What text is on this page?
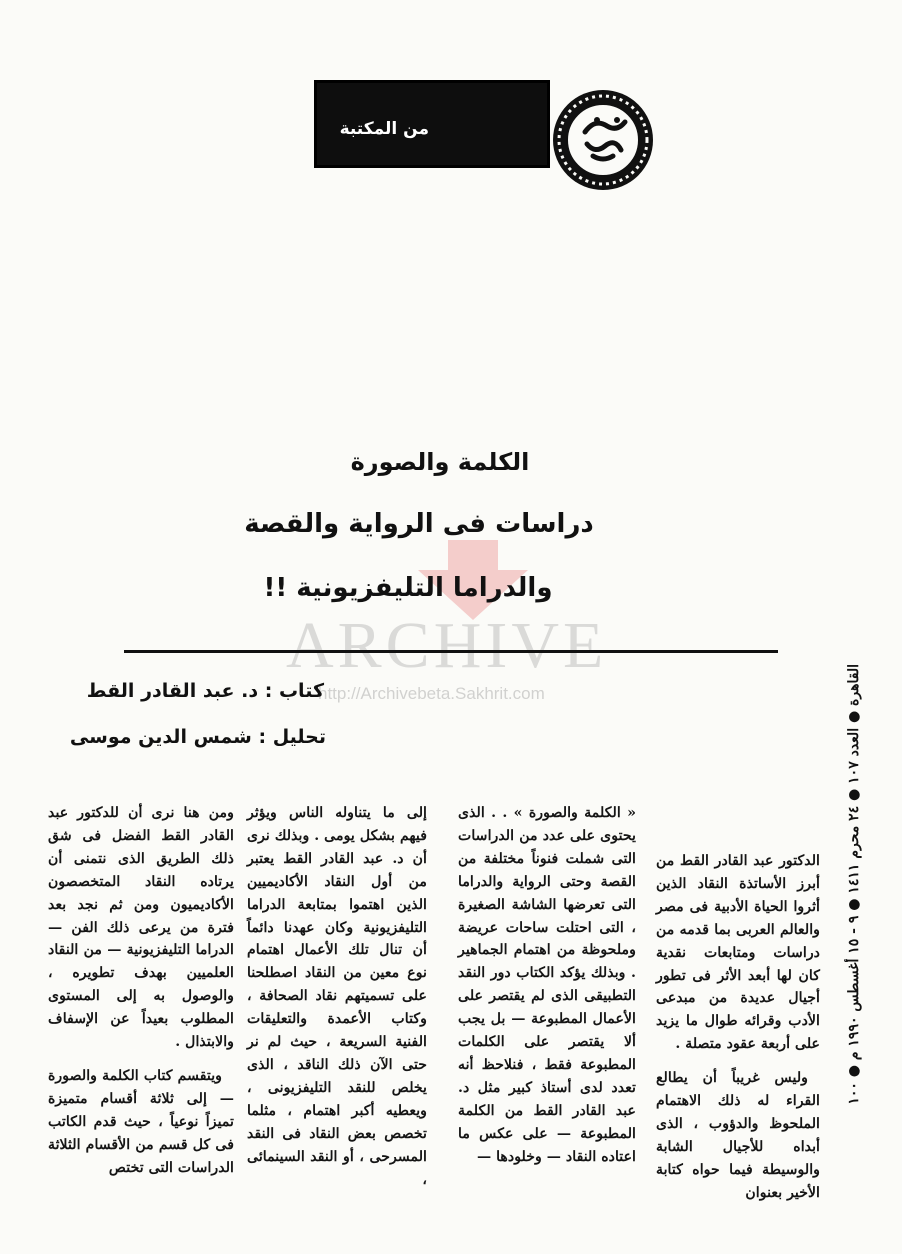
من المكتبة
ARCHIVE
http://Archivebeta.Sakhrit.com
الكلمة والصورة
دراسات فى الرواية والقصة
والدراما التليفزيونية !!
كتاب : د. عبد القادر القط
تحليل : شمس الدين موسى
القاهرة ● العدد ١٠٧ ● ٢٤ محرم ١٤١١ ● ٩ - ١٥ أغسطس ١٩٩٠ م ● ١٠٠

الدكتور عبد القادر القط من أبرز الأساتذة النقاد الذين أثروا الحياة الأدبية فى مصر والعالم العربى بما قدمه من دراسات ومتابعات نقدية كان لها أبعد الأثر فى تطور أجيال عديدة من مبدعى الأدب وقرائه طوال ما يزيد على أربعة عقود متصلة .

وليس غريباً أن يطالع القراء له ذلك الاهتمام الملحوظ والدؤوب ، الذى أبداه للأجيال الشابة والوسيطة فيما حواه كتابة الأخير بعنوان

« الكلمة والصورة » . . الذى يحتوى على عدد من الدراسات التى شملت فنوناً مختلفة من القصة وحتى الرواية والدراما التى تعرضها الشاشة الصغيرة ، التى احتلت ساحات عريضة وملحوظة من اهتمام الجماهير . وبذلك يؤكد الكتاب دور النقد التطبيقى الذى لم يقتصر على الأعمال المطبوعة — بل يجب ألا يقتصر على الكلمات المطبوعة فقط ، فنلاحظ أنه تعدد لدى أستاذ كبير مثل د. عبد القادر القط من الكلمة المطبوعة — على عكس ما اعتاده النقاد — وخلودها —

إلى ما يتناوله الناس ويؤثر فيهم بشكل يومى . وبذلك نرى أن د. عبد القادر القط يعتبر من أول النقاد الأكاديميين الذين اهتموا بمتابعة الدراما التليفزيونية وكان عهدنا دائماً أن تنال تلك الأعمال اهتمام نوع معين من النقاد اصطلحنا على تسميتهم نقاد الصحافة ، وكتاب الأعمدة والتعليقات الفنية السريعة ، حيث لم نر حتى الآن ذلك الناقد ، الذى يخلص للنقد التليفزيونى ، ويعطيه أكبر اهتمام ، مثلما تخصص بعض النقاد فى النقد المسرحى ، أو النقد السينمائى ،

ومن هنا نرى أن للدكتور عبد القادر القط الفضل فى شق ذلك الطريق الذى نتمنى أن يرتاده النقاد المتخصصون الأكاديميون ومن ثم نجد بعد فترة من يرعى ذلك الفن — الدراما التليفزيونية — من النقاد العلميين بهدف تطويره ، والوصول به إلى المستوى المطلوب بعيداً عن الإسفاف والابتذال .

ويتقسم كتاب الكلمة والصورة — إلى ثلاثة أقسام متميزة تميزاً نوعياً ، حيث قدم الكاتب فى كل قسم من الأقسام الثلاثة الدراسات التى تختص
